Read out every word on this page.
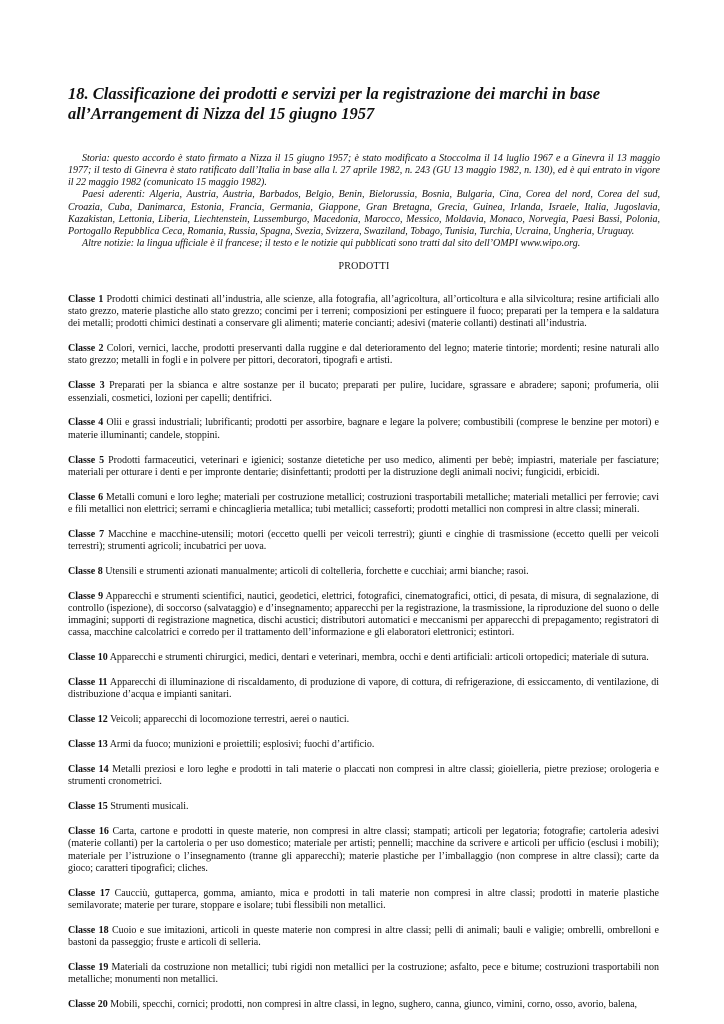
18. Classificazione dei prodotti e servizi per la registrazione dei marchi in base all’Arrangement di Nizza del 15 giugno 1957

Storia: questo accordo è stato firmato a Nizza il 15 giugno 1957; è stato modificato a Stoccolma il 14 luglio 1967 e a Ginevra il 13 maggio 1977; il testo di Ginevra è stato ratificato dall’Italia in base alla l. 27 aprile 1982, n. 243 (GU 13 maggio 1982, n. 130), ed è qui entrato in vigore il 22 maggio 1982 (comunicato 15 maggio 1982).

Paesi aderenti: Algeria, Austria, Austria, Barbados, Belgio, Benin, Bielorussia, Bosnia, Bulgaria, Cina, Corea del nord, Corea del sud, Croazia, Cuba, Danimarca, Estonia, Francia, Germania, Giappone, Gran Bretagna, Grecia, Guinea, Irlanda, Israele, Italia, Jugoslavia, Kazakistan, Lettonia, Liberia, Liechtenstein, Lussemburgo, Macedonia, Marocco, Messico, Moldavia, Monaco, Norvegia, Paesi Bassi, Polonia, Portogallo Repubblica Ceca, Romania, Russia, Spagna, Svezia, Svizzera, Swaziland, Tobago, Tunisia, Turchia, Ucraina, Ungheria, Uruguay.

Altre notizie: la lingua ufficiale è il francese; il testo e le notizie qui pubblicati sono tratti dal sito dell’OMPI www.wipo.org.

PRODOTTI

Classe 1 Prodotti chimici destinati all’industria, alle scienze, alla fotografia, all’agricoltura, all’orticoltura e alla silvicoltura; resine artificiali allo stato grezzo, materie plastiche allo stato grezzo; concimi per i terreni; composizioni per estinguere il fuoco; preparati per la tempera e la saldatura dei metalli; prodotti chimici destinati a conservare gli alimenti; materie concianti; adesivi (materie collanti) destinati all’industria.

Classe 2 Colori, vernici, lacche, prodotti preservanti dalla ruggine e dal deterioramento del legno; materie tintorie; mordenti; resine naturali allo stato grezzo; metalli in fogli e in polvere per pittori, decoratori, tipografi e artisti.

Classe 3 Preparati per la sbianca e altre sostanze per il bucato; preparati per pulire, lucidare, sgrassare e abradere; saponi; profumeria, olii essenziali, cosmetici, lozioni per capelli; dentifrici.

Classe 4 Olii e grassi industriali; lubrificanti; prodotti per assorbire, bagnare e legare la polvere; combustibili (comprese le benzine per motori) e materie illuminanti; candele, stoppini.

Classe 5 Prodotti farmaceutici, veterinari e igienici; sostanze dietetiche per uso medico, alimenti per bebè; impiastri, materiale per fasciature; materiali per otturare i denti e per impronte dentarie; disinfettanti; prodotti per la distruzione degli animali nocivi; fungicidi, erbicidi.

Classe 6 Metalli comuni e loro leghe; materiali per costruzione metallici; costruzioni trasportabili metalliche; materiali metallici per ferrovie; cavi e fili metallici non elettrici; serrami e chincaglieria metallica; tubi metallici; casseforti; prodotti metallici non compresi in altre classi; minerali.

Classe 7 Macchine e macchine-utensili; motori (eccetto quelli per veicoli terrestri); giunti e cinghie di trasmissione (eccetto quelli per veicoli terrestri); strumenti agricoli; incubatrici per uova.

Classe 8 Utensili e strumenti azionati manualmente; articoli di coltelleria, forchette e cucchiai; armi bianche; rasoi.

Classe 9 Apparecchi e strumenti scientifici, nautici, geodetici, elettrici, fotografici, cinematografici, ottici, di pesata, di misura, di segnalazione, di controllo (ispezione), di soccorso (salvataggio) e d’insegnamento; apparecchi per la registrazione, la trasmissione, la riproduzione del suono o delle immagini; supporti di registrazione magnetica, dischi acustici; distributori automatici e meccanismi per apparecchi di prepagamento; registratori di cassa, macchine calcolatrici e corredo per il trattamento dell’informazione e gli elaboratori elettronici; estintori.

Classe 10 Apparecchi e strumenti chirurgici, medici, dentari e veterinari, membra, occhi e denti artificiali: articoli ortopedici; materiale di sutura.

Classe 11 Apparecchi di illuminazione di riscaldamento, di produzione di vapore, di cottura, di refrigerazione, di essiccamento, di ventilazione, di distribuzione d’acqua e impianti sanitari.

Classe 12 Veicoli; apparecchi di locomozione terrestri, aerei o nautici.

Classe 13 Armi da fuoco; munizioni e proiettili; esplosivi; fuochi d’artificio.

Classe 14 Metalli preziosi e loro leghe e prodotti in tali materie o placcati non compresi in altre classi; gioielleria, pietre preziose; orologeria e strumenti cronometrici.

Classe 15 Strumenti musicali.

Classe 16 Carta, cartone e prodotti in queste materie, non compresi in altre classi; stampati; articoli per legatoria; fotografie; cartoleria adesivi (materie collanti) per la cartoleria o per uso domestico; materiale per artisti; pennelli; macchine da scrivere e articoli per ufficio (esclusi i mobili); materiale per l’istruzione o l’insegnamento (tranne gli apparecchi); materie plastiche per l’imballaggio (non comprese in altre classi); carte da gioco; caratteri tipografici; cliches.

Classe 17 Caucciù, guttaperca, gomma, amianto, mica e prodotti in tali materie non compresi in altre classi; prodotti in materie plastiche semilavorate; materie per turare, stoppare e isolare; tubi flessibili non metallici.

Classe 18 Cuoio e sue imitazioni, articoli in queste materie non compresi in altre classi; pelli di animali; bauli e valigie; ombrelli, ombrelloni e bastoni da passeggio; fruste e articoli di selleria.

Classe 19 Materiali da costruzione non metallici; tubi rigidi non metallici per la costruzione; asfalto, pece e bitume; costruzioni trasportabili non metalliche; monumenti non metallici.

Classe 20 Mobili, specchi, cornici; prodotti, non compresi in altre classi, in legno, sughero, canna, giunco, vimini, corno, osso, avorio, balena,
